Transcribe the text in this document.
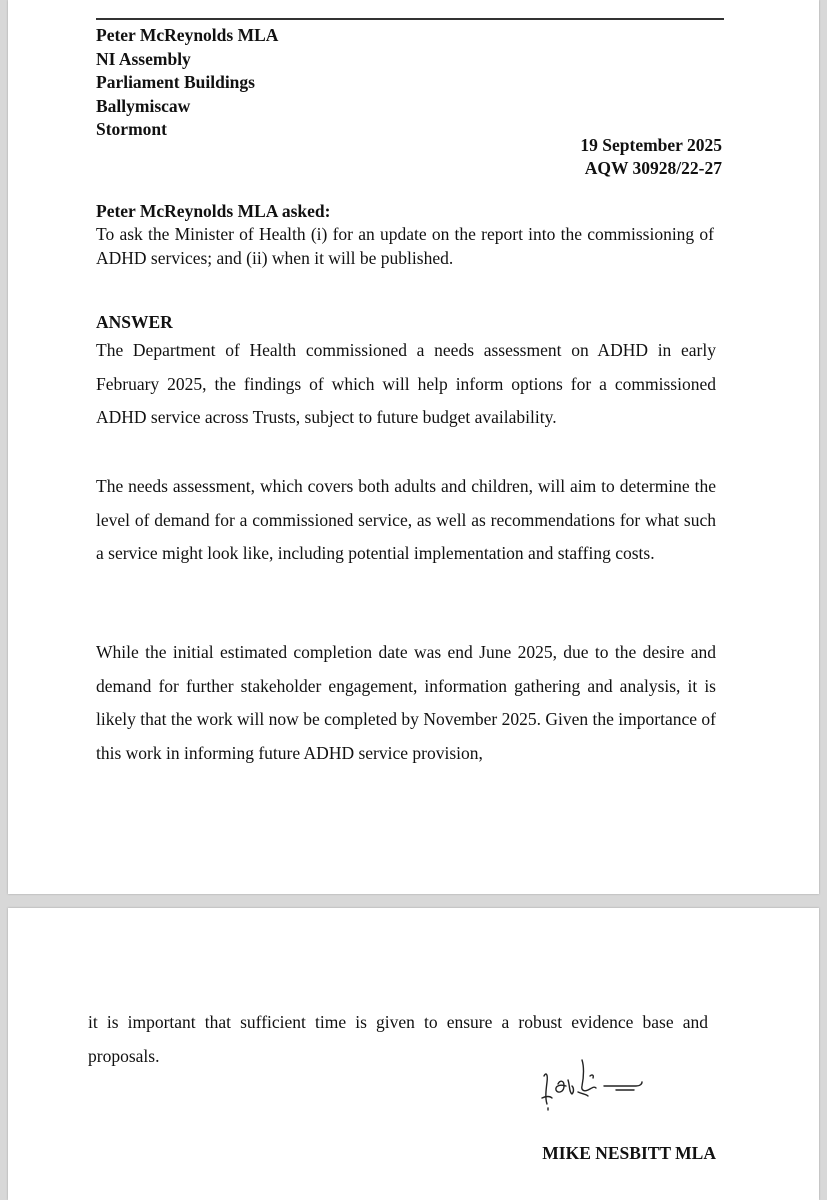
Peter McReynolds MLA
NI Assembly
Parliament Buildings
Ballymiscaw
Stormont
19 September 2025
AQW 30928/22-27
Peter McReynolds MLA asked:
To ask the Minister of Health (i) for an update on the report into the commissioning of ADHD services; and (ii) when it will be published.
ANSWER
The Department of Health commissioned a needs assessment on ADHD in early February 2025, the findings of which will help inform options for a commissioned ADHD service across Trusts, subject to future budget availability.
The needs assessment, which covers both adults and children, will aim to determine the level of demand for a commissioned service, as well as recommendations for what such a service might look like, including potential implementation and staffing costs.
While the initial estimated completion date was end June 2025, due to the desire and demand for further stakeholder engagement, information gathering and analysis, it is likely that the work will now be completed by November 2025. Given the importance of this work in informing future ADHD service provision,
it is important that sufficient time is given to ensure a robust evidence base and proposals.
MIKE NESBITT MLA
